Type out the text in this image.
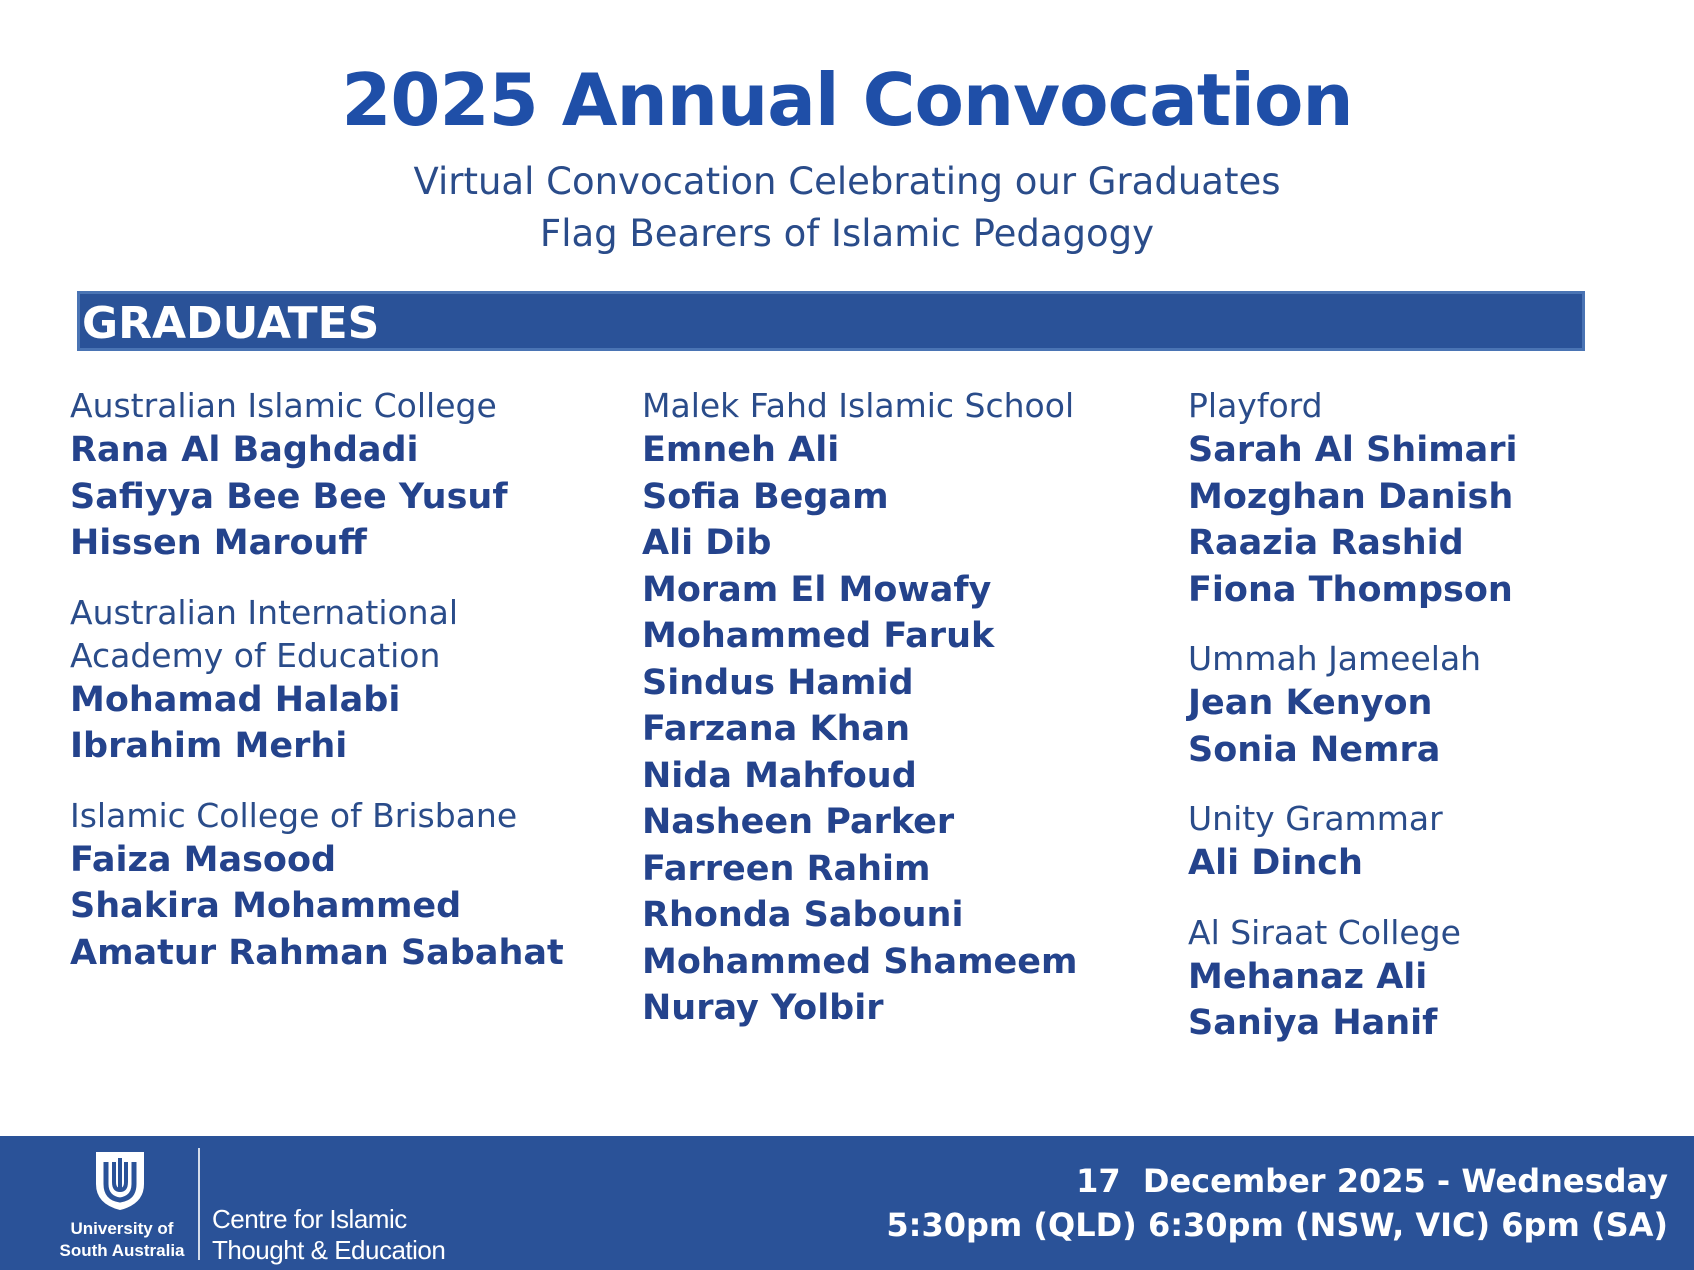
2025 Annual Convocation

Virtual Convocation Celebrating our Graduates

Flag Bearers of Islamic Pedagogy

GRADUATES
Australian Islamic College
Rana Al Baghdadi
Safiyya Bee Bee Yusuf
Hissen Marouff
Australian International
Academy of Education
Mohamad Halabi
Ibrahim Merhi
Islamic College of Brisbane
Faiza Masood
Shakira Mohammed
Amatur Rahman Sabahat
Malek Fahd Islamic School
Emneh Ali
Sofia Begam
Ali Dib
Moram El Mowafy
Mohammed Faruk
Sindus Hamid
Farzana Khan
Nida Mahfoud
Nasheen Parker
Farreen Rahim
Rhonda Sabouni
Mohammed Shameem
Nuray Yolbir
Playford
Sarah Al Shimari
Mozghan Danish
Raazia Rashid
Fiona Thompson
Ummah Jameelah
Jean Kenyon
Sonia Nemra
Unity Grammar
Ali Dinch
Al Siraat College
Mehanaz Ali
Saniya Hanif
University of
South Australia
Centre for Islamic
Thought & Education
17  December 2025 - Wednesday
5:30pm (QLD) 6:30pm (NSW, VIC) 6pm (SA)
